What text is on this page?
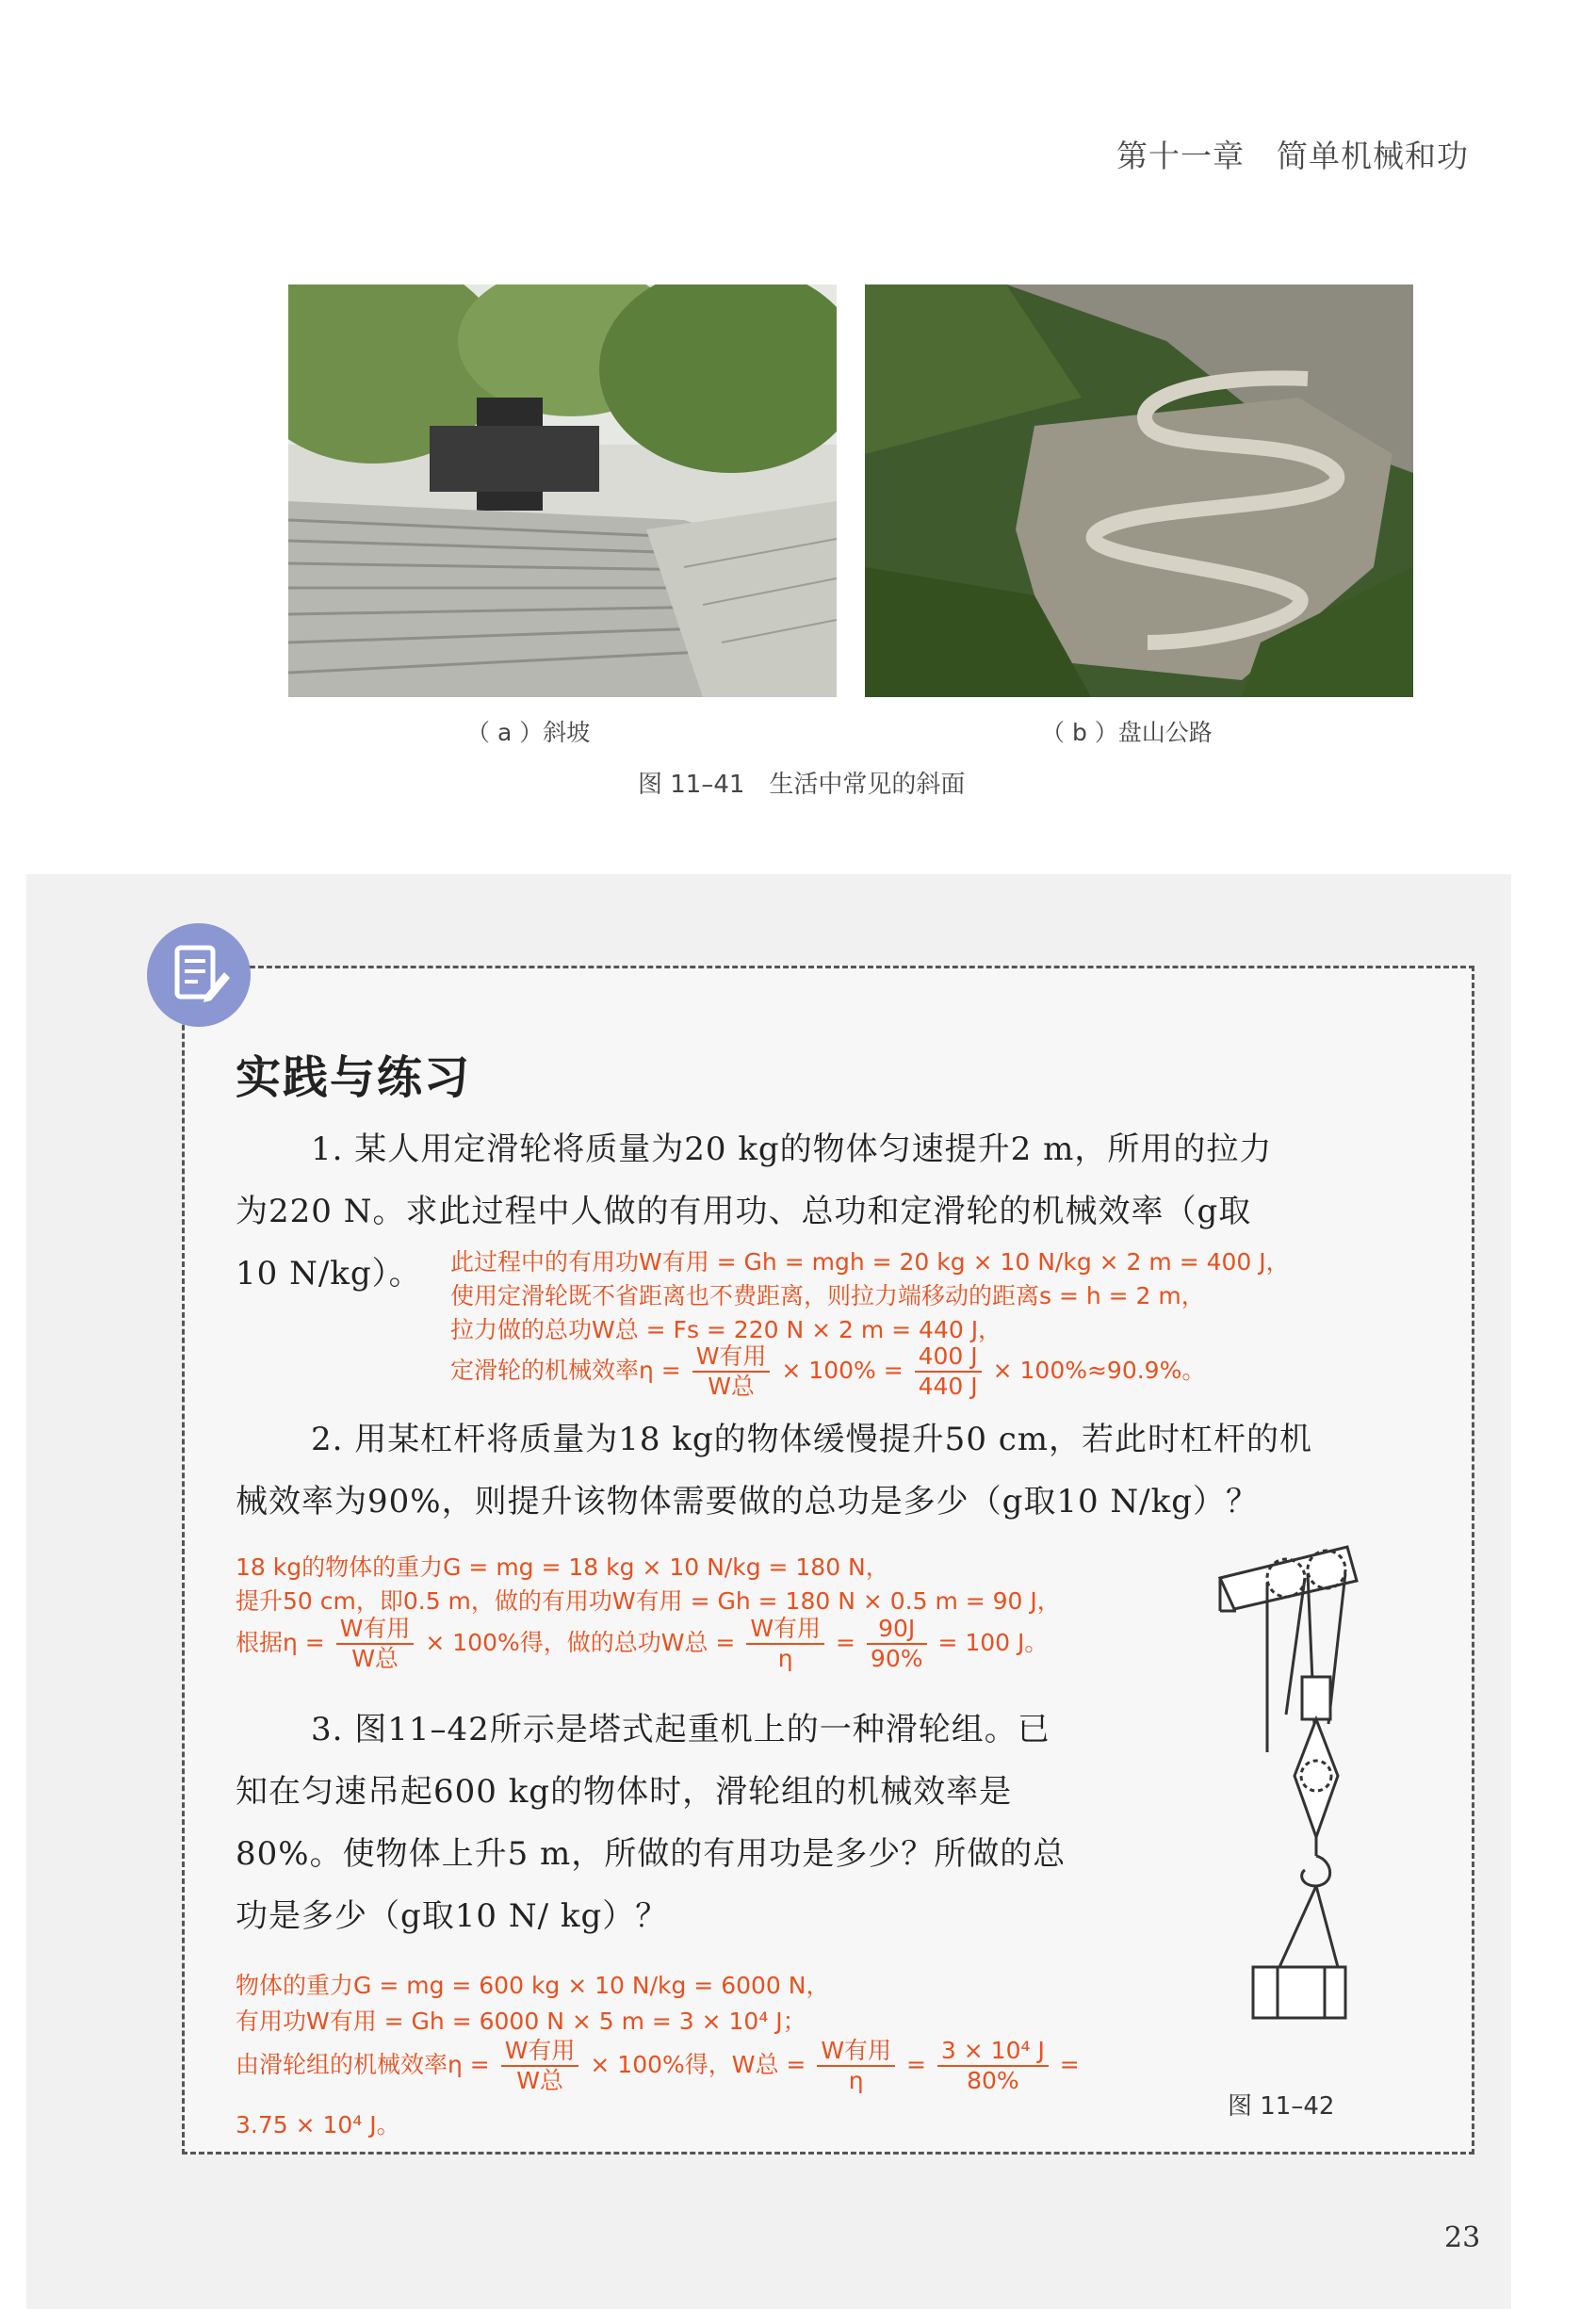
第十一章　简单机械和功
（ a ）斜坡	（ b ）盘山公路
图 11–41　生活中常见的斜面
实践与练习
1. 某人用定滑轮将质量为20 kg的物体匀速提升2 m，所用的拉力
为220 N。求此过程中人做的有用功、总功和定滑轮的机械效率（g取
10 N/kg）。 此过程中的有用功W有用 = Gh = mgh = 20 kg × 10 N/kg × 2 m = 400 J，
使用定滑轮既不省距离也不费距离，则拉力端移动的距离s = h = 2 m，
拉力做的总功W总 = Fs = 220 N × 2 m = 440 J，
定滑轮的机械效率$\eta = \frac{\text{W有用}}{\text{W总}} \times 100\% = \frac{400 J}{440 J} \times 100\%\approx 90.9\%$。
2. 用某杠杆将质量为18 kg的物体缓慢提升50 cm，若此时杠杆的机
械效率为90%，则提升该物体需要做的总功是多少（g取10 N/kg）？
18 kg的物体的重力G = mg = 18 kg × 10 N/kg = 180 N，
提升50 cm，即0.5 m，做的有用功W有用 = Gh = 180 N × 0.5 m = 90 J，
根据$\eta = \frac{\text{W有用}}{\text{W总}} \times 100\%$得，做的总功W总 = $\frac{\text{W有用}}{\eta} = \frac{90J}{90\%} = 100$ J。
3. 图11–42所示是塔式起重机上的一种滑轮组。已
知在匀速吊起600 kg的物体时，滑轮组的机械效率是
80%。使物体上升5 m，所做的有用功是多少？所做的总
功是多少（g取10 N/ kg）？
物体的重力G = mg = 600 kg × 10 N/kg = 6000 N，
有用功W有用 = Gh = 6000 N × 5 m = 3 × 10⁴ J；
由滑轮组的机械效率$\eta = \frac{\text{W有用}}{\text{W总}} \times 100\%$得，W总 = $\frac{\text{W有用}}{\eta} = \frac{\text{3 × 10⁴ J}}{80\%}$ =
3.75 × 10⁴ J。
图 11–42
23
